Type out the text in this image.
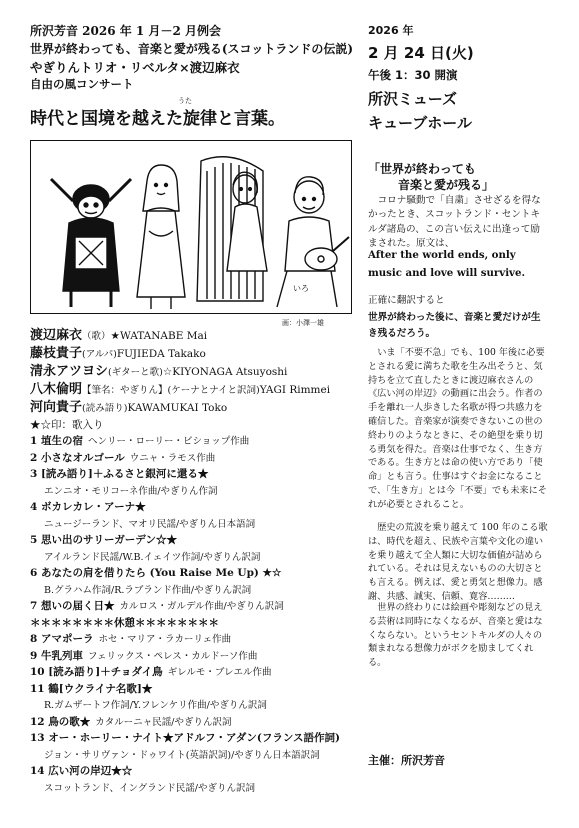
所沢芳音 2026 年 1 月－2 月例会
世界が終わっても、音楽と愛が残る(スコットランドの伝説)
やぎりんトリオ・リベルタ×渡辺麻衣
自由の風コンサート
うた
時代と国境を越えた旋律と言葉。
2026 年
2 月 24 日(火)
午後 1：30 開演
所沢ミューズ
キューブホール
いろ
画：小澤一雄
渡辺麻衣（歌）★WATANABE Mai
藤枝貴子(アルパ)FUJIEDA Takako
清永アツヨシ(ギターと歌)☆KIYONAGA Atsuyoshi
八木倫明【筆名：やぎりん】(ケーナとナイと訳詞)YAGI Rimmei
河向貴子(読み語り)KAWAMUKAI Toko
★☆印：歌入り
1 埴生の宿 ヘンリー・ローリー・ビショップ作曲
2 小さなオルゴール ウニャ・ラモス作曲
3 [読み語り]＋ふるさと銀河に還る★
エンニオ・モリコーネ作曲/やぎりん作詞
4 ボカレカレ・アーナ★
ニュージーランド、マオリ民謡/やぎりん日本語詞
5 思い出のサリーガーデン☆★
アイルランド民謡/W.B.イェイツ作詞/やぎりん訳詞
6 あなたの肩を借りたら (You Raise Me Up) ★☆
B.グラハム作詞/R.ラブランド作曲/やぎりん訳詞
7 想いの届く日★ カルロス・ガルデル作曲/やぎりん訳詞
＊＊＊＊＊＊＊＊休憩＊＊＊＊＊＊＊＊
8 アマポーラ ホセ・マリア・ラカーリェ作曲
9 牛乳列車 フェリックス・ペレス・カルドーソ作曲
10 [読み語り]＋チョダイ鳥 ギレルモ・ブレエル作曲
11 鶴[ウクライナ名歌]★
R.ガムザートフ作詞/Y.フレンケリ作曲/やぎりん訳詞
12 鳥の歌★ カタルーニャ民謡/やぎりん訳詞
13 オー・ホーリー・ナイト★アドルフ・アダン(フランス語作詞)
ジョン・サリヴァン・ドゥワイト(英語訳詞)/やぎりん日本語訳詞
14 広い河の岸辺★☆
スコットランド、イングランド民謡/やぎりん訳詞
「世界が終わっても
音楽と愛が残る」
コロナ騒動で「自粛」させざるを得なかったとき、スコットランド・セントキルダ諸島の、この言い伝えに出逢って励まされた。原文は、
After the world ends, only music and love will survive.
正確に翻訳すると
世界が終わった後に、音楽と愛だけが生き残るだろう。
いま「不要不急」でも、100 年後に必要とされる愛に満ちた歌を生み出そうと、気持ちを立て直したときに渡辺麻衣さんの《広い河の岸辺》の動画に出会う。作者の手を離れ一人歩きした名歌が得つ共感力を確信した。音楽家が演奏できないこの世の終わりのようなときに、その絶望を乗り切る勇気を得た。音楽は仕事でなく、生き方である。生き方とは命の使い方であり「使命」とも言う。仕事はすぐお金になることで、「生き方」とは今「不要」でも未来にそれが必要とされること。
歴史の荒波を乗り越えて 100 年のこる歌は、時代を超え、民族や言葉や文化の違いを乗り越えて全人類に大切な価値が詰められている。それは見えないものの大切さとも言える。例えば、愛と勇気と想像力。感謝、共感、誠実、信頼、寛容………
世界の終わりには絵画や彫刻などの見える芸術は同時になくなるが、音楽と愛はなくならない。というセントキルダの人々の類まれなる想像力がボクを励ましてくれる。
主催：所沢芳音
